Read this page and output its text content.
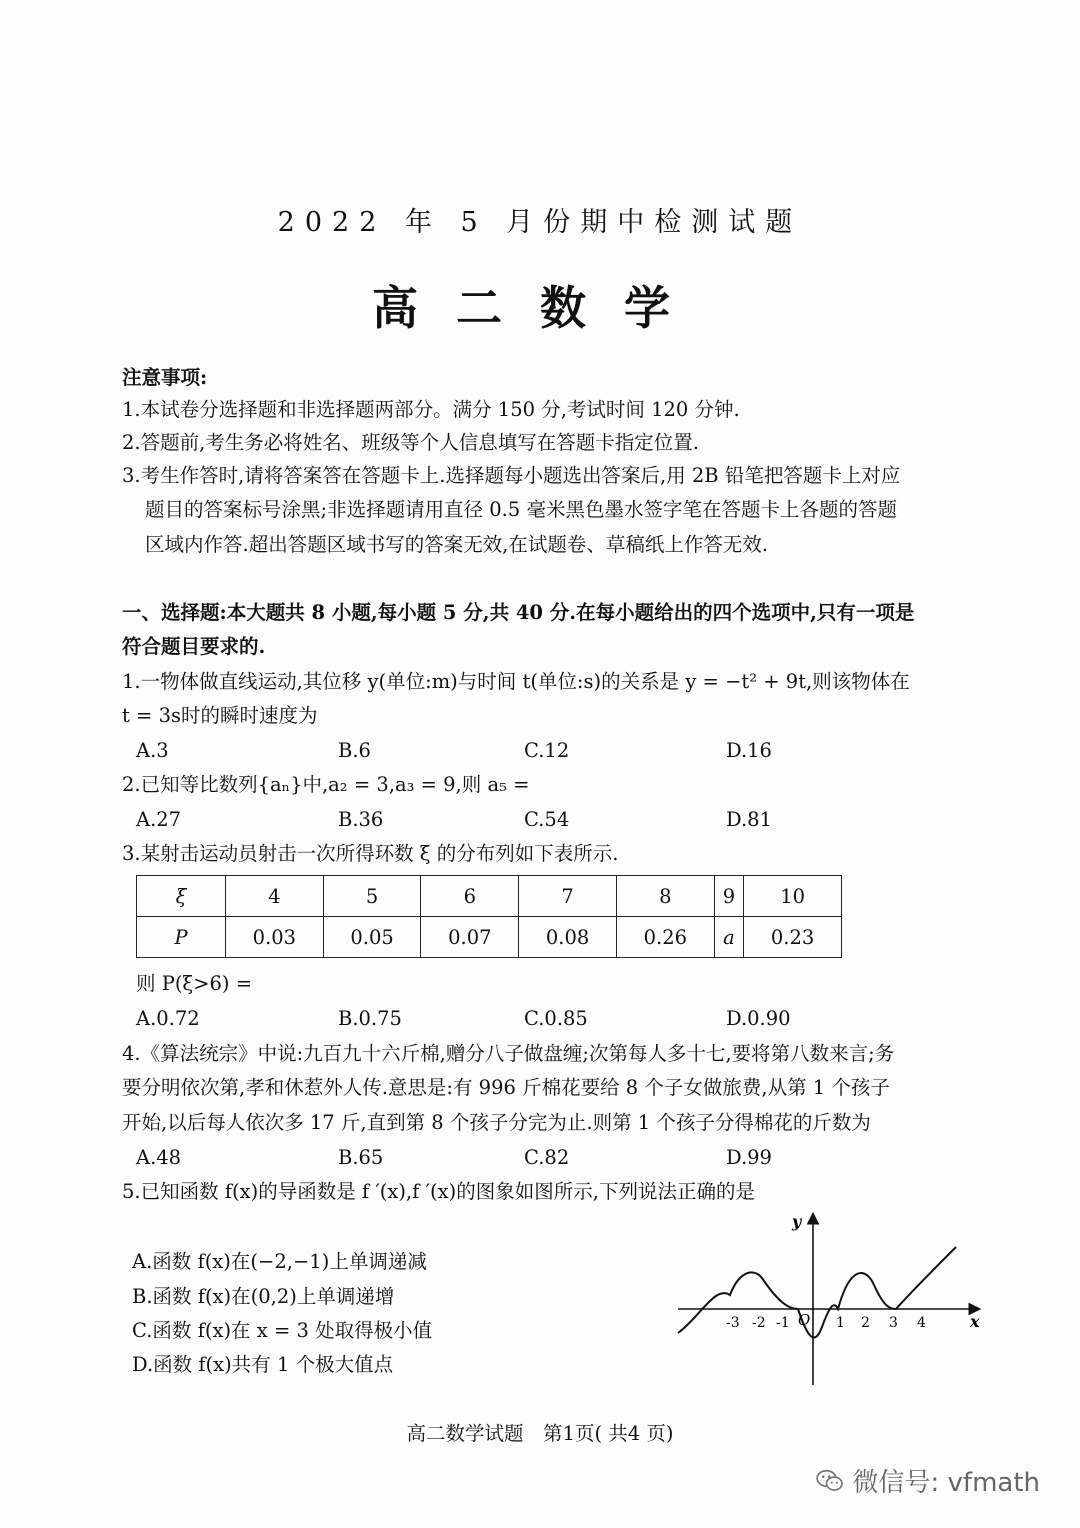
2022 年 5 月份期中检测试题
高二数学
注意事项:
1.本试卷分选择题和非选择题两部分。满分 150 分,考试时间 120 分钟.
2.答题前,考生务必将姓名、班级等个人信息填写在答题卡指定位置.
3.考生作答时,请将答案答在答题卡上.选择题每小题选出答案后,用 2B 铅笔把答题卡上对应
题目的答案标号涂黑;非选择题请用直径 0.5 毫米黑色墨水签字笔在答题卡上各题的答题
区域内作答.超出答题区域书写的答案无效,在试题卷、草稿纸上作答无效.
一、选择题:本大题共 8 小题,每小题 5 分,共 40 分.在每小题给出的四个选项中,只有一项是
符合题目要求的.
1.一物体做直线运动,其位移 y(单位:m)与时间 t(单位:s)的关系是 y = −t² + 9t,则该物体在
t = 3s时的瞬时速度为
A.3	B.6	C.12	D.16
2.已知等比数列{aₙ}中,a₂ = 3,a₃ = 9,则 a₅ =
A.27	B.36	C.54	D.81
3.某射击运动员射击一次所得环数 ξ 的分布列如下表所示.
ξ	4	5	6	7	8	9	10
P	0.03	0.05	0.07	0.08	0.26	a	0.23
则 P(ξ>6) =
A.0.72	B.0.75	C.0.85	D.0.90
4.《算法统宗》中说:九百九十六斤棉,赠分八子做盘缠;次第每人多十七,要将第八数来言;务
要分明依次第,孝和休惹外人传.意思是:有 996 斤棉花要给 8 个子女做旅费,从第 1 个孩子
开始,以后每人依次多 17 斤,直到第 8 个孩子分完为止.则第 1 个孩子分得棉花的斤数为
A.48	B.65	C.82	D.99
5.已知函数 f(x)的导函数是 f ′(x),f ′(x)的图象如图所示,下列说法正确的是
A.函数 f(x)在(−2,−1)上单调递减
B.函数 f(x)在(0,2)上单调递增
C.函数 f(x)在 x = 3 处取得极小值
D.函数 f(x)共有 1 个极大值点
y
x
O
-3 -2 -1	1 2 3 4
高二数学试题　第1页( 共4 页)
微信号: vfmath
